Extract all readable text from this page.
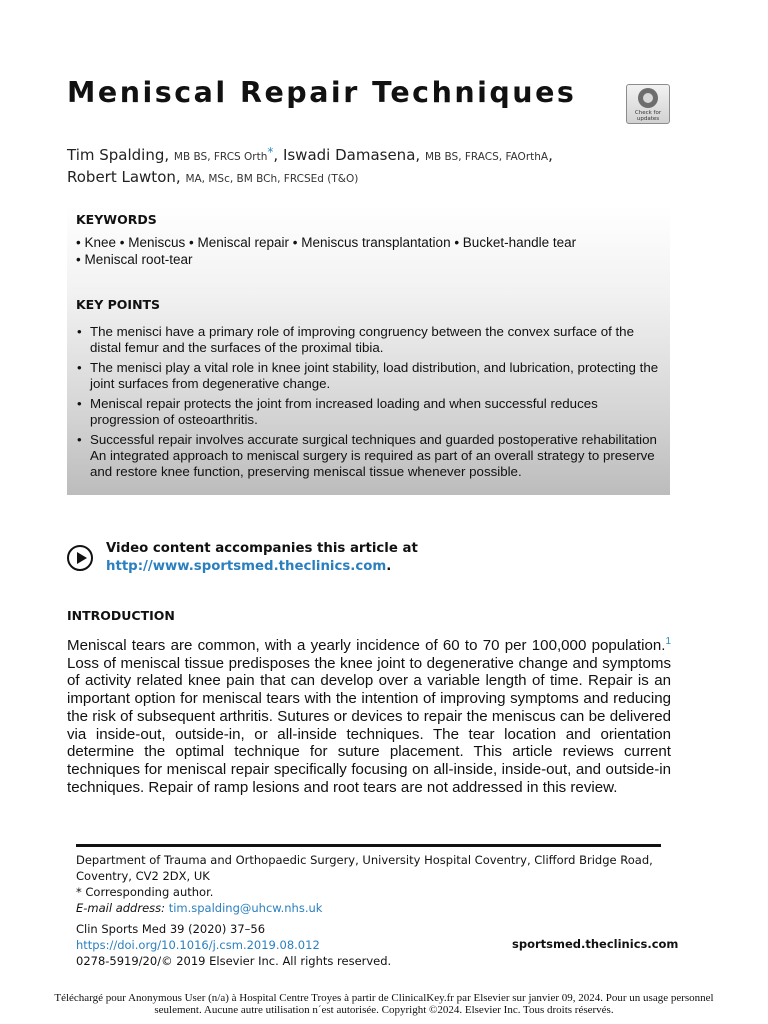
Meniscal Repair Techniques
Check for
updates
Tim Spalding, MB BS, FRCS Orth*, Iswadi Damasena, MB BS, FRACS, FAOrthA,
Robert Lawton, MA, MSc, BM BCh, FRCSEd (T&O)
KEYWORDS
• Knee • Meniscus • Meniscal repair • Meniscus transplantation • Bucket-handle tear
• Meniscal root-tear
KEY POINTS
• The menisci have a primary role of improving congruency between the convex surface of the distal femur and the surfaces of the proximal tibia.
• The menisci play a vital role in knee joint stability, load distribution, and lubrication, protecting the joint surfaces from degenerative change.
• Meniscal repair protects the joint from increased loading and when successful reduces progression of osteoarthritis.
• Successful repair involves accurate surgical techniques and guarded postoperative rehabilitation An integrated approach to meniscal surgery is required as part of an overall strategy to preserve and restore knee function, preserving meniscal tissue whenever possible.
Video content accompanies this article at http://www.sportsmed.theclinics.com.
INTRODUCTION

Meniscal tears are common, with a yearly incidence of 60 to 70 per 100,000 population.$^1$ Loss of meniscal tissue predisposes the knee joint to degenerative change and symptoms of activity related knee pain that can develop over a variable length of time. Repair is an important option for meniscal tears with the intention of improving symptoms and reducing the risk of subsequent arthritis. Sutures or devices to repair the meniscus can be delivered via inside-out, outside-in, or all-inside techniques. The tear location and orientation determine the optimal technique for suture placement. This article reviews current techniques for meniscal repair specifically focusing on all-inside, inside-out, and outside-in techniques. Repair of ramp lesions and root tears are not addressed in this review.

Department of Trauma and Orthopaedic Surgery, University Hospital Coventry, Clifford Bridge Road, Coventry, CV2 2DX, UK
* Corresponding author.
E-mail address: tim.spalding@uhcw.nhs.uk
Clin Sports Med 39 (2020) 37–56
https://doi.org/10.1016/j.csm.2019.08.012
0278-5919/20/© 2019 Elsevier Inc. All rights reserved.
sportsmed.theclinics.com
Téléchargé pour Anonymous User (n/a) à Hospital Centre Troyes à partir de ClinicalKey.fr par Elsevier sur janvier 09, 2024. Pour un usage personnel seulement. Aucune autre utilisation n´est autorisée. Copyright ©2024. Elsevier Inc. Tous droits réservés.
